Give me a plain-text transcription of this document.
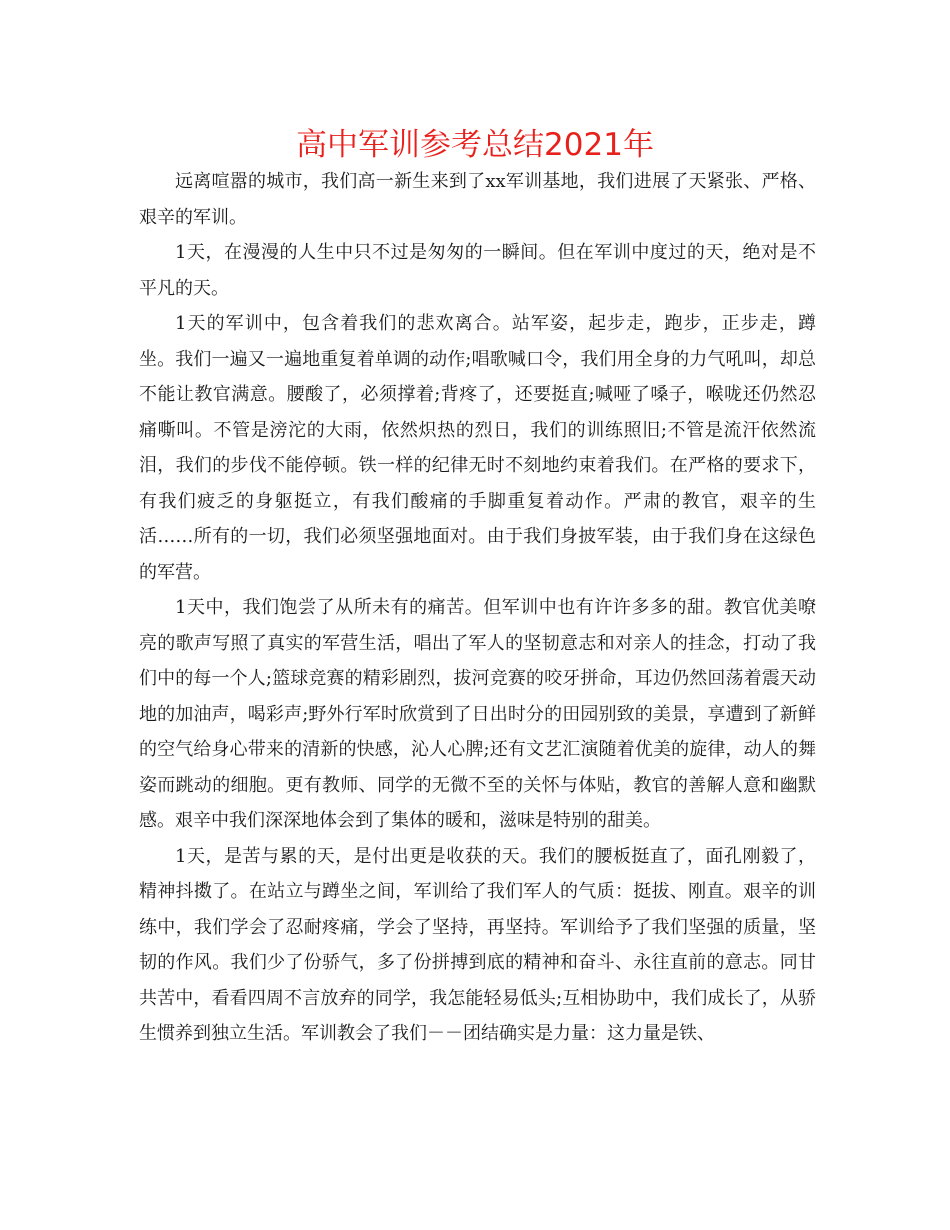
高中军训参考总结2021年

远离喧嚣的城市，我们高一新生来到了xx军训基地，我们进展了天紧张、严格、艰辛的军训。

1天，在漫漫的人生中只不过是匆匆的一瞬间。但在军训中度过的天，绝对是不平凡的天。

1天的军训中，包含着我们的悲欢离合。站军姿，起步走，跑步，正步走，蹲坐。我们一遍又一遍地重复着单调的动作;唱歌喊口令，我们用全身的力气吼叫，却总不能让教官满意。腰酸了，必须撑着;背疼了，还要挺直;喊哑了嗓子，喉咙还仍然忍痛嘶叫。不管是滂沱的大雨，依然炽热的烈日，我们的训练照旧;不管是流汗依然流泪，我们的步伐不能停顿。铁一样的纪律无时不刻地约束着我们。在严格的要求下，有我们疲乏的身躯挺立，有我们酸痛的手脚重复着动作。严肃的教官，艰辛的生活……所有的一切，我们必须坚强地面对。由于我们身披军装，由于我们身在这绿色的军营。

1天中，我们饱尝了从所未有的痛苦。但军训中也有许许多多的甜。教官优美嘹亮的歌声写照了真实的军营生活，唱出了军人的坚韧意志和对亲人的挂念，打动了我们中的每一个人;篮球竞赛的精彩剧烈，拔河竞赛的咬牙拼命，耳边仍然回荡着震天动地的加油声，喝彩声;野外行军时欣赏到了日出时分的田园别致的美景，享遭到了新鲜的空气给身心带来的清新的快感，沁人心脾;还有文艺汇演随着优美的旋律，动人的舞姿而跳动的细胞。更有教师、同学的无微不至的关怀与体贴，教官的善解人意和幽默感。艰辛中我们深深地体会到了集体的暖和，滋味是特别的甜美。

1天，是苦与累的天，是付出更是收获的天。我们的腰板挺直了，面孔刚毅了，精神抖擞了。在站立与蹲坐之间，军训给了我们军人的气质：挺拔、刚直。艰辛的训练中，我们学会了忍耐疼痛，学会了坚持，再坚持。军训给予了我们坚强的质量，坚韧的作风。我们少了份骄气，多了份拼搏到底的精神和奋斗、永往直前的意志。同甘共苦中，看看四周不言放弃的同学，我怎能轻易低头;互相协助中，我们成长了，从骄生惯养到独立生活。军训教会了我们－－团结确实是力量：这力量是铁、
